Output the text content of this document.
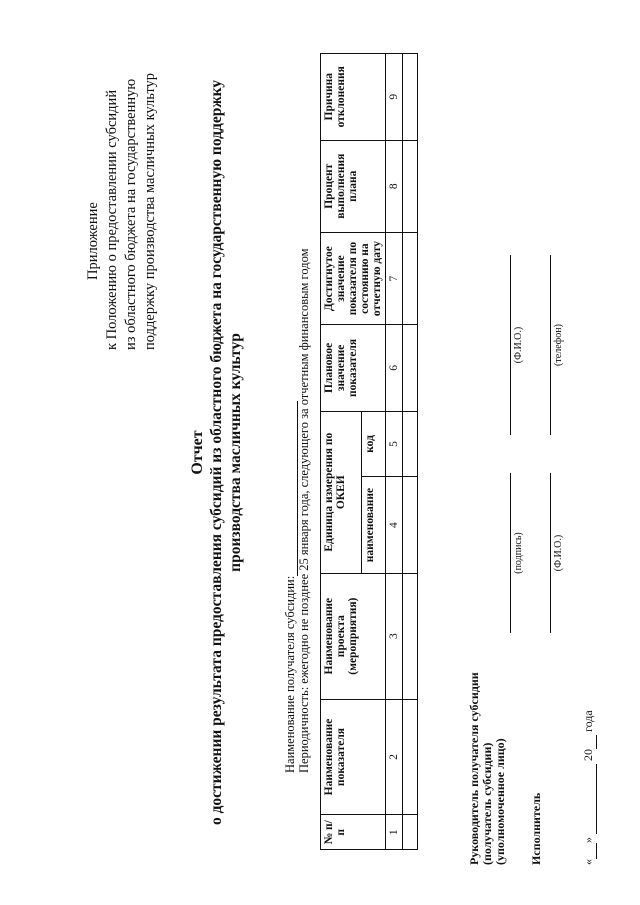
Приложение к Положению о предоставлении субсидий из областного бюджета на государственную поддержку производства масличных культур
Отчет о достижении результата предоставления субсидий из областного бюджета на государственную поддержку производства масличных культур
Наименование получателя субсидии: Периодичность: ежегодно не позднее 25 января года, следующего за отчетным финансовым годом
№ п/п	Наименование показателя	Наименование проекта (мероприятия)	Единица измерения по ОКЕИ		Плановое значение показателя	Достигнутое значение показателя по состоянию на отчетную дату	Процент выполнения плана	Причина отклонения
			наименование	код				
1	2	3	4	5	6	7	8	9

Руководитель получателя субсидии (получатель субсидии) (уполномоченное лицо)
(подпись)
(Ф.И.О.)
Исполнитель
(Ф.И.О.)
(телефон)
« »   20  года
